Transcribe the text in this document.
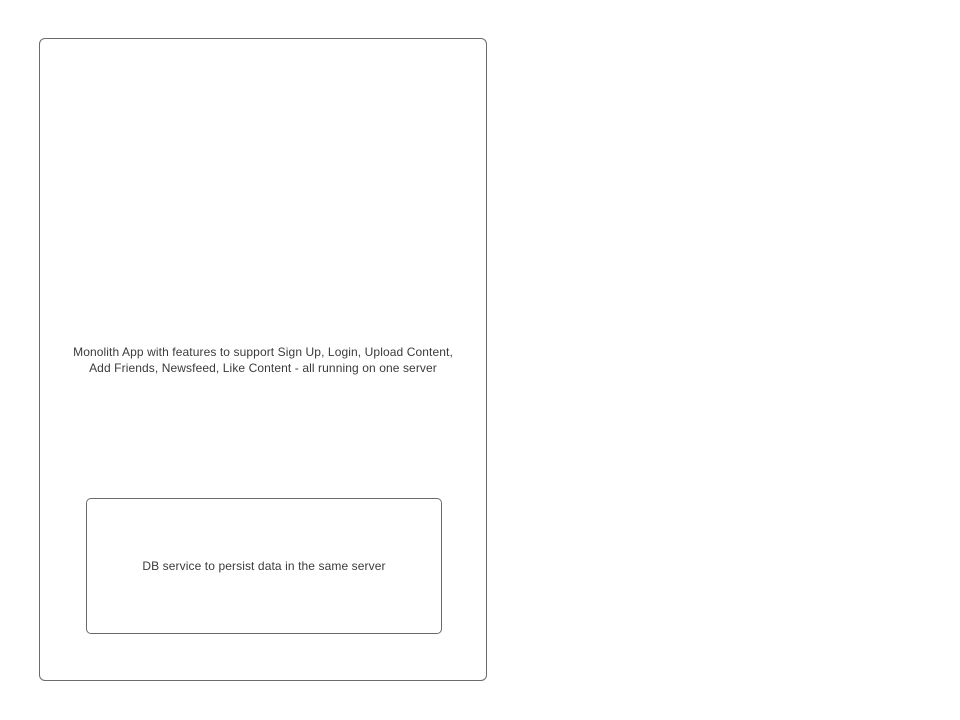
Monolith App with features to support Sign Up, Login, Upload Content, Add Friends, Newsfeed, Like Content - all running on one server
DB service to persist data in the same server
